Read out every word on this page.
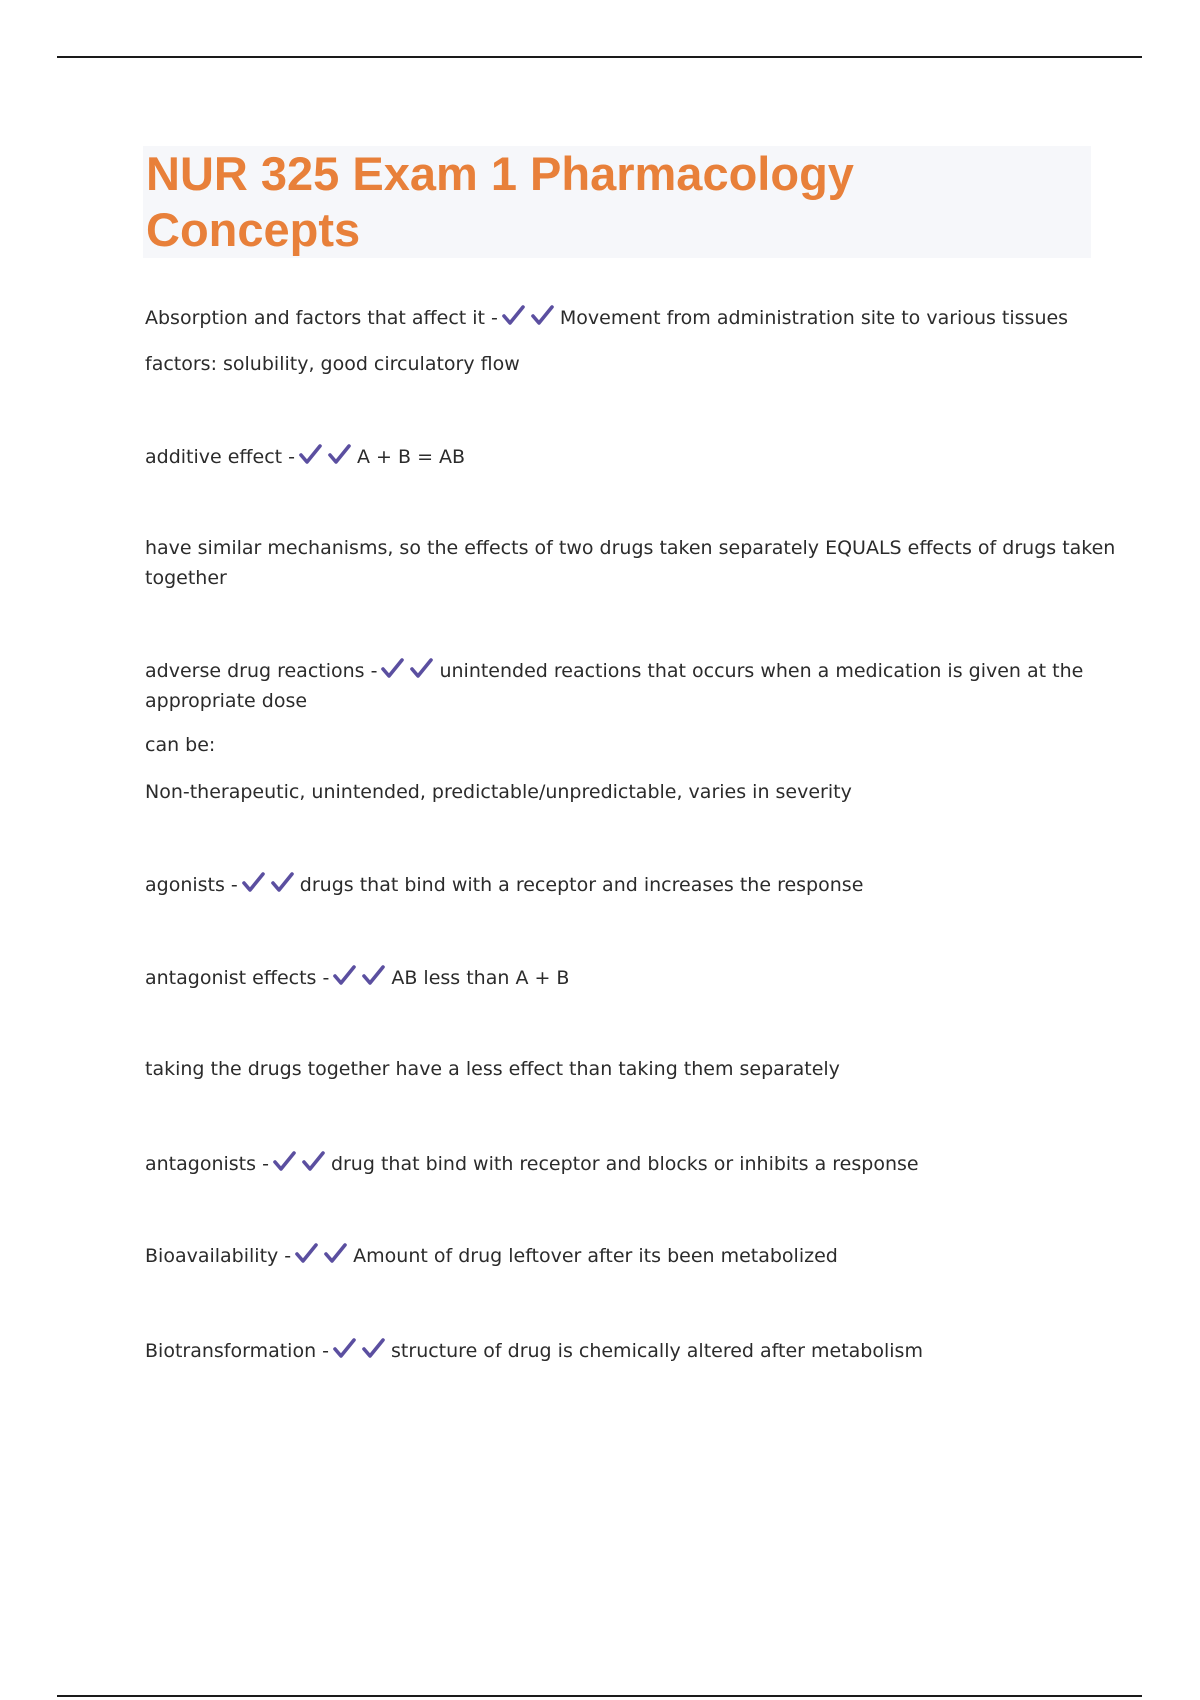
NUR 325 Exam 1 Pharmacology
Concepts
Absorption and factors that affect it -	Movement from administration site to various tissues
factors: solubility, good circulatory flow
additive effect -	A + B = AB
have similar mechanisms, so the effects of two drugs taken separately EQUALS effects of drugs taken
together
adverse drug reactions -	unintended reactions that occurs when a medication is given at the
appropriate dose
can be:
Non-therapeutic, unintended, predictable/unpredictable, varies in severity
agonists -	drugs that bind with a receptor and increases the response
antagonist effects -	AB less than A + B
taking the drugs together have a less effect than taking them separately
antagonists -	drug that bind with receptor and blocks or inhibits a response
Bioavailability -	Amount of drug leftover after its been metabolized
Biotransformation -	structure of drug is chemically altered after metabolism
